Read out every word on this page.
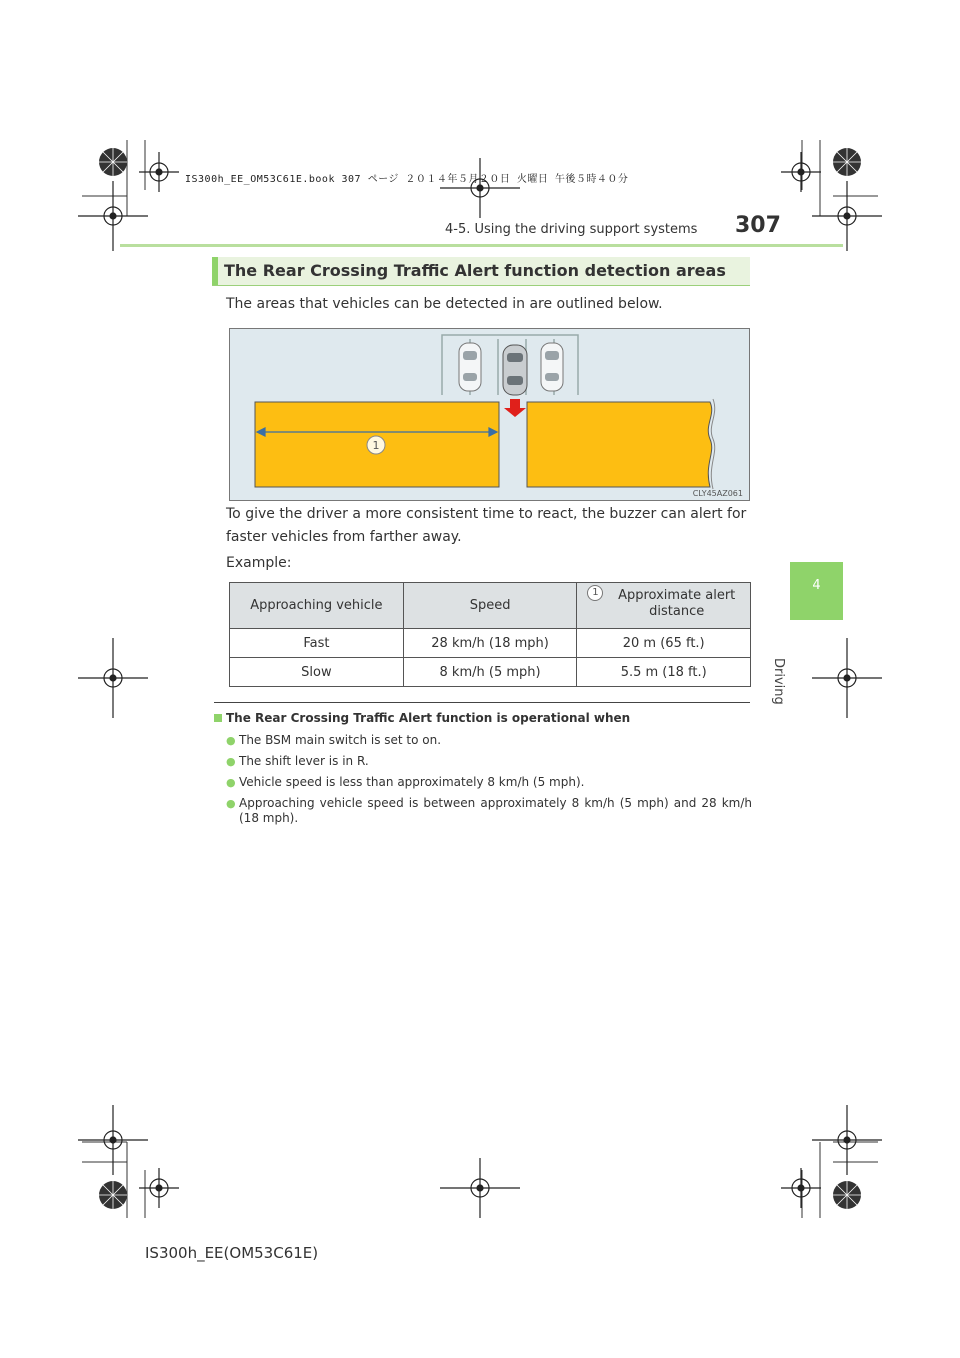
IS300h_EE_OM53C61E.book 307 ページ ２０１４年５月２０日 火曜日 午後５時４０分
4-5. Using the driving support systems 307
4
Driving
The Rear Crossing Traffic Alert function detection areas
The areas that vehicles can be detected in are outlined below.
1
CLY45AZ061
To give the driver a more consistent time to react, the buzzer can alert for faster vehicles from farther away.
Example:
Approaching vehicle	Speed	1 Approximate alert distance

Fast	28 km/h (18 mph)	20 m (65 ft.)
Slow	8 km/h (5 mph)	5.5 m (18 ft.)
The Rear Crossing Traffic Alert function is operational when
● The BSM main switch is set to on.
● The shift lever is in R.
● Vehicle speed is less than approximately 8 km/h (5 mph).
● Approaching vehicle speed is between approximately 8 km/h (5 mph) and 28 km/h (18 mph).
IS300h_EE(OM53C61E)
